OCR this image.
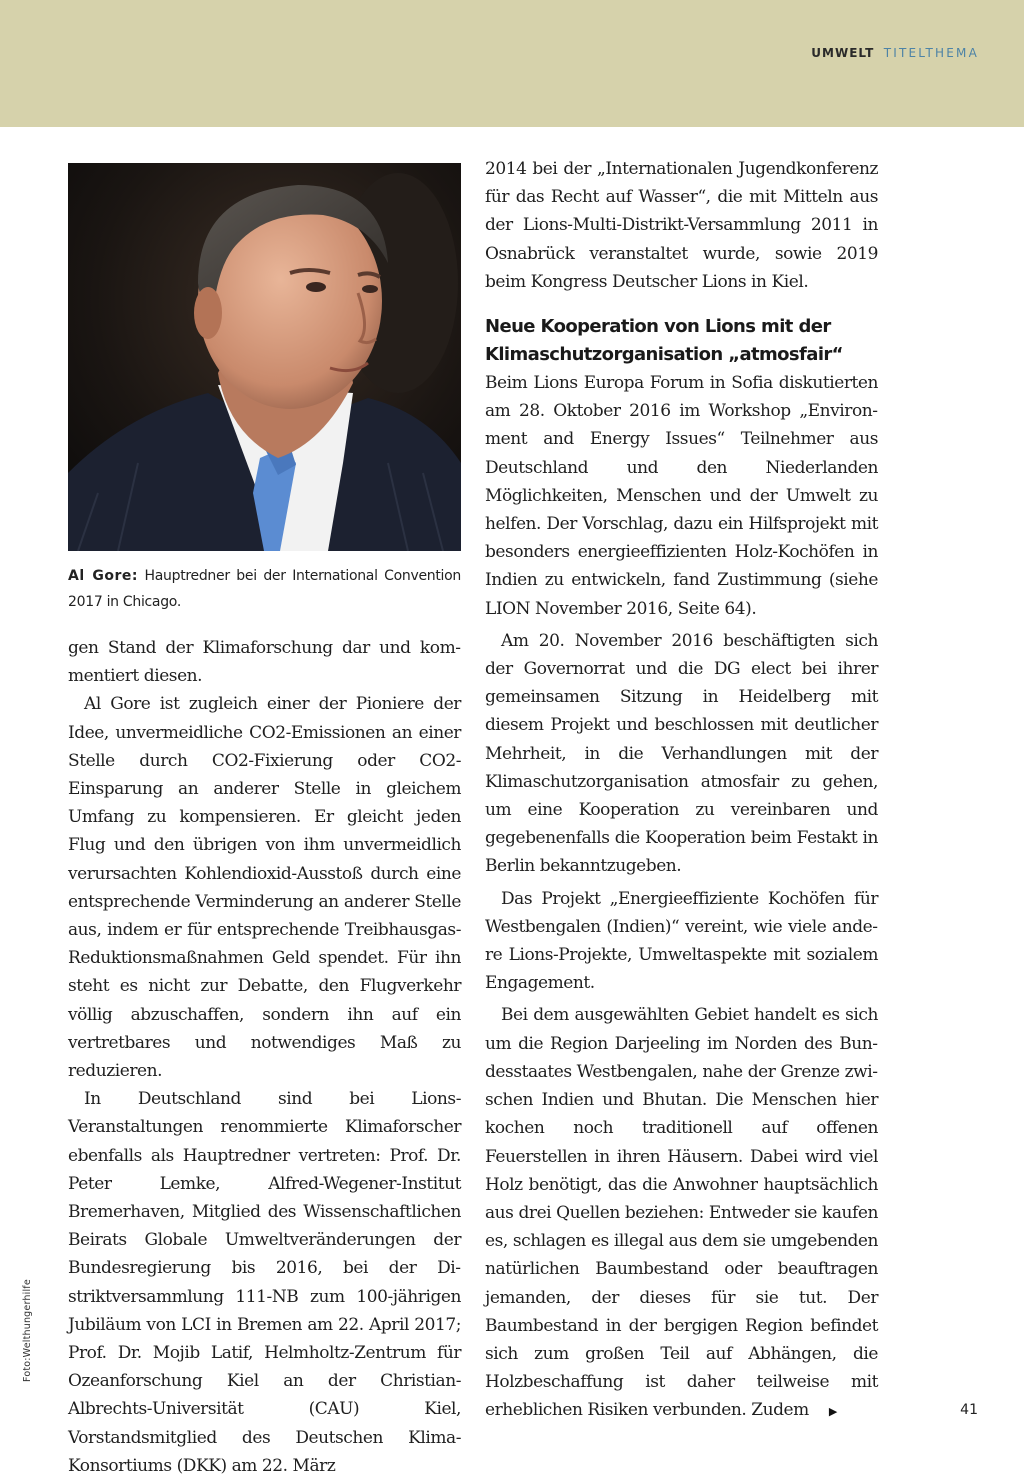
UMWELT TITELTHEMA
Al Gore: Hauptredner bei der International Convention 2017 in Chicago.

gen Stand der Klimaforschung dar und kommentiert diesen.

Al Gore ist zugleich einer der Pioniere der Idee, unvermeidliche CO2-Emissionen an einer Stelle durch CO2-Fixierung oder CO2-Einsparung an anderer Stelle in gleichem Umfang zu kompensieren. Er gleicht jeden Flug und den übrigen von ihm unvermeidlich verursachten Kohlendioxid-Ausstoß durch eine entsprechende Verminderung an anderer Stelle aus, indem er für entsprechende Treibhausgas-Reduktionsmaßnahmen Geld spendet. Für ihn steht es nicht zur Debatte, den Flugverkehr völlig abzuschaffen, sondern ihn auf ein vertretbares und notwendiges Maß zu reduzieren.

In Deutschland sind bei Lions-Veranstaltungen renommierte Klimaforscher ebenfalls als Hauptredner vertreten: Prof. Dr. Peter Lemke, Alfred-Wegener-Institut Bremerhaven, Mitglied des Wissenschaftlichen Beirats Globale Umweltveränderungen der Bundesregierung bis 2016, bei der Distriktversammlung 111-NB zum 100-jährigen Jubiläum von LCI in Bremen am 22. April 2017; Prof. Dr. Mojib Latif, Helmholtz-Zentrum für Ozeanforschung Kiel an der Christian-Albrechts-Universität (CAU) Kiel, Vorstandsmitglied des Deutschen Klima-Konsortiums (DKK) am 22. März

2014 bei der „Internationalen Jugendkonferenz für das Recht auf Wasser“, die mit Mitteln aus der Lions-Multi-Distrikt-Versammlung 2011 in Osnabrück veranstaltet wurde, sowie 2019 beim Kongress Deutscher Lions in Kiel.

Neue Kooperation von Lions mit der Klimaschutzorganisation „atmosfair“

Beim Lions Europa Forum in Sofia diskutierten am 28. Oktober 2016 im Workshop „Environment and Energy Issues“ Teilnehmer aus Deutschland und den Niederlanden Möglichkeiten, Menschen und der Umwelt zu helfen. Der Vorschlag, dazu ein Hilfsprojekt mit besonders energieeffizienten Holz-Kochöfen in Indien zu entwickeln, fand Zustimmung (siehe LION November 2016, Seite 64).

Am 20. November 2016 beschäftigten sich der Governorrat und die DG elect bei ihrer gemeinsamen Sitzung in Heidelberg mit diesem Projekt und beschlossen mit deutlicher Mehrheit, in die Verhandlungen mit der Klimaschutzorganisation atmosfair zu gehen, um eine Kooperation zu vereinbaren und gegebenenfalls die Kooperation beim Festakt in Berlin bekanntzugeben.

Das Projekt „Energieeffiziente Kochöfen für Westbengalen (Indien)“ vereint, wie viele andere Lions-Projekte, Umweltaspekte mit sozialem Engagement.

Bei dem ausgewählten Gebiet handelt es sich um die Region Darjeeling im Norden des Bundesstaates Westbengalen, nahe der Grenze zwischen Indien und Bhutan. Die Menschen hier kochen noch traditionell auf offenen Feuerstellen in ihren Häusern. Dabei wird viel Holz benötigt, das die Anwohner hauptsächlich aus drei Quellen beziehen: Entweder sie kaufen es, schlagen es illegal aus dem sie umgebenden natürlichen Baumbestand oder beauftragen jemanden, der dieses für sie tut. Der Baumbestand in der bergigen Region befindet sich zum großen Teil auf Abhängen, die Holzbeschaffung ist daher teilweise mit erheblichen Risiken verbunden. Zudem ▶

Foto:Welthungerhilfe
41
